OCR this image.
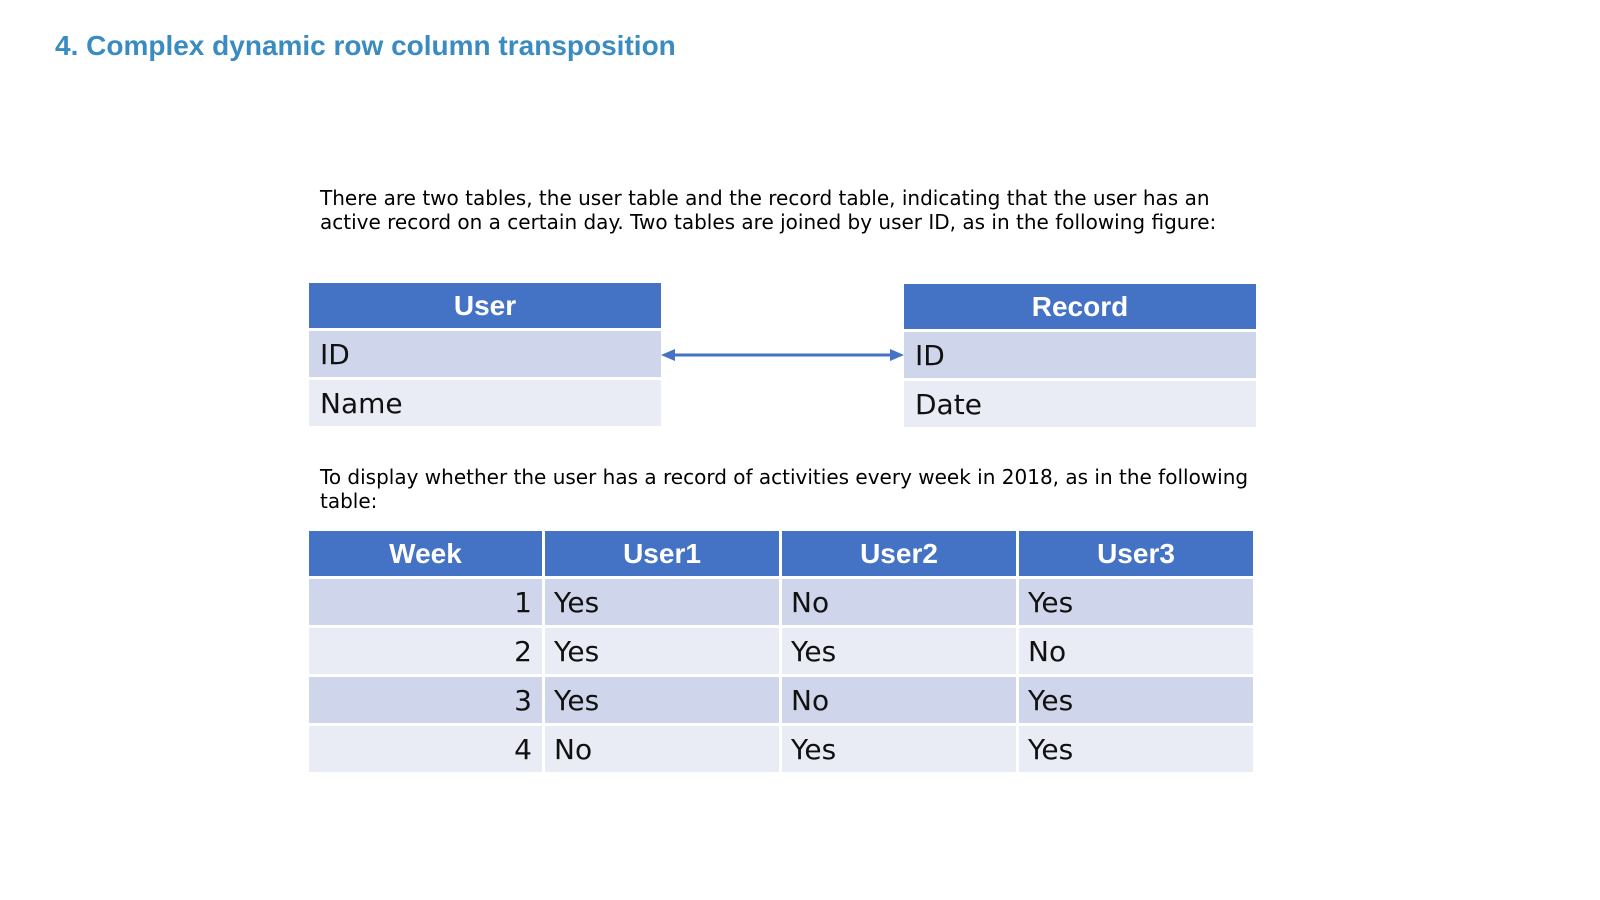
4. Complex dynamic row column transposition
There are two tables, the user table and the record table, indicating that the user has an active record on a certain day. Two tables are joined by user ID, as in the following figure:
User
ID
Name
Record
ID
Date
To display whether the user has a record of activities every week in 2018, as in the following table:
Week	User1	User2	User3
1 Yes	No	Yes
2 Yes	Yes	No
3 Yes	No	Yes
4 No	Yes	Yes
